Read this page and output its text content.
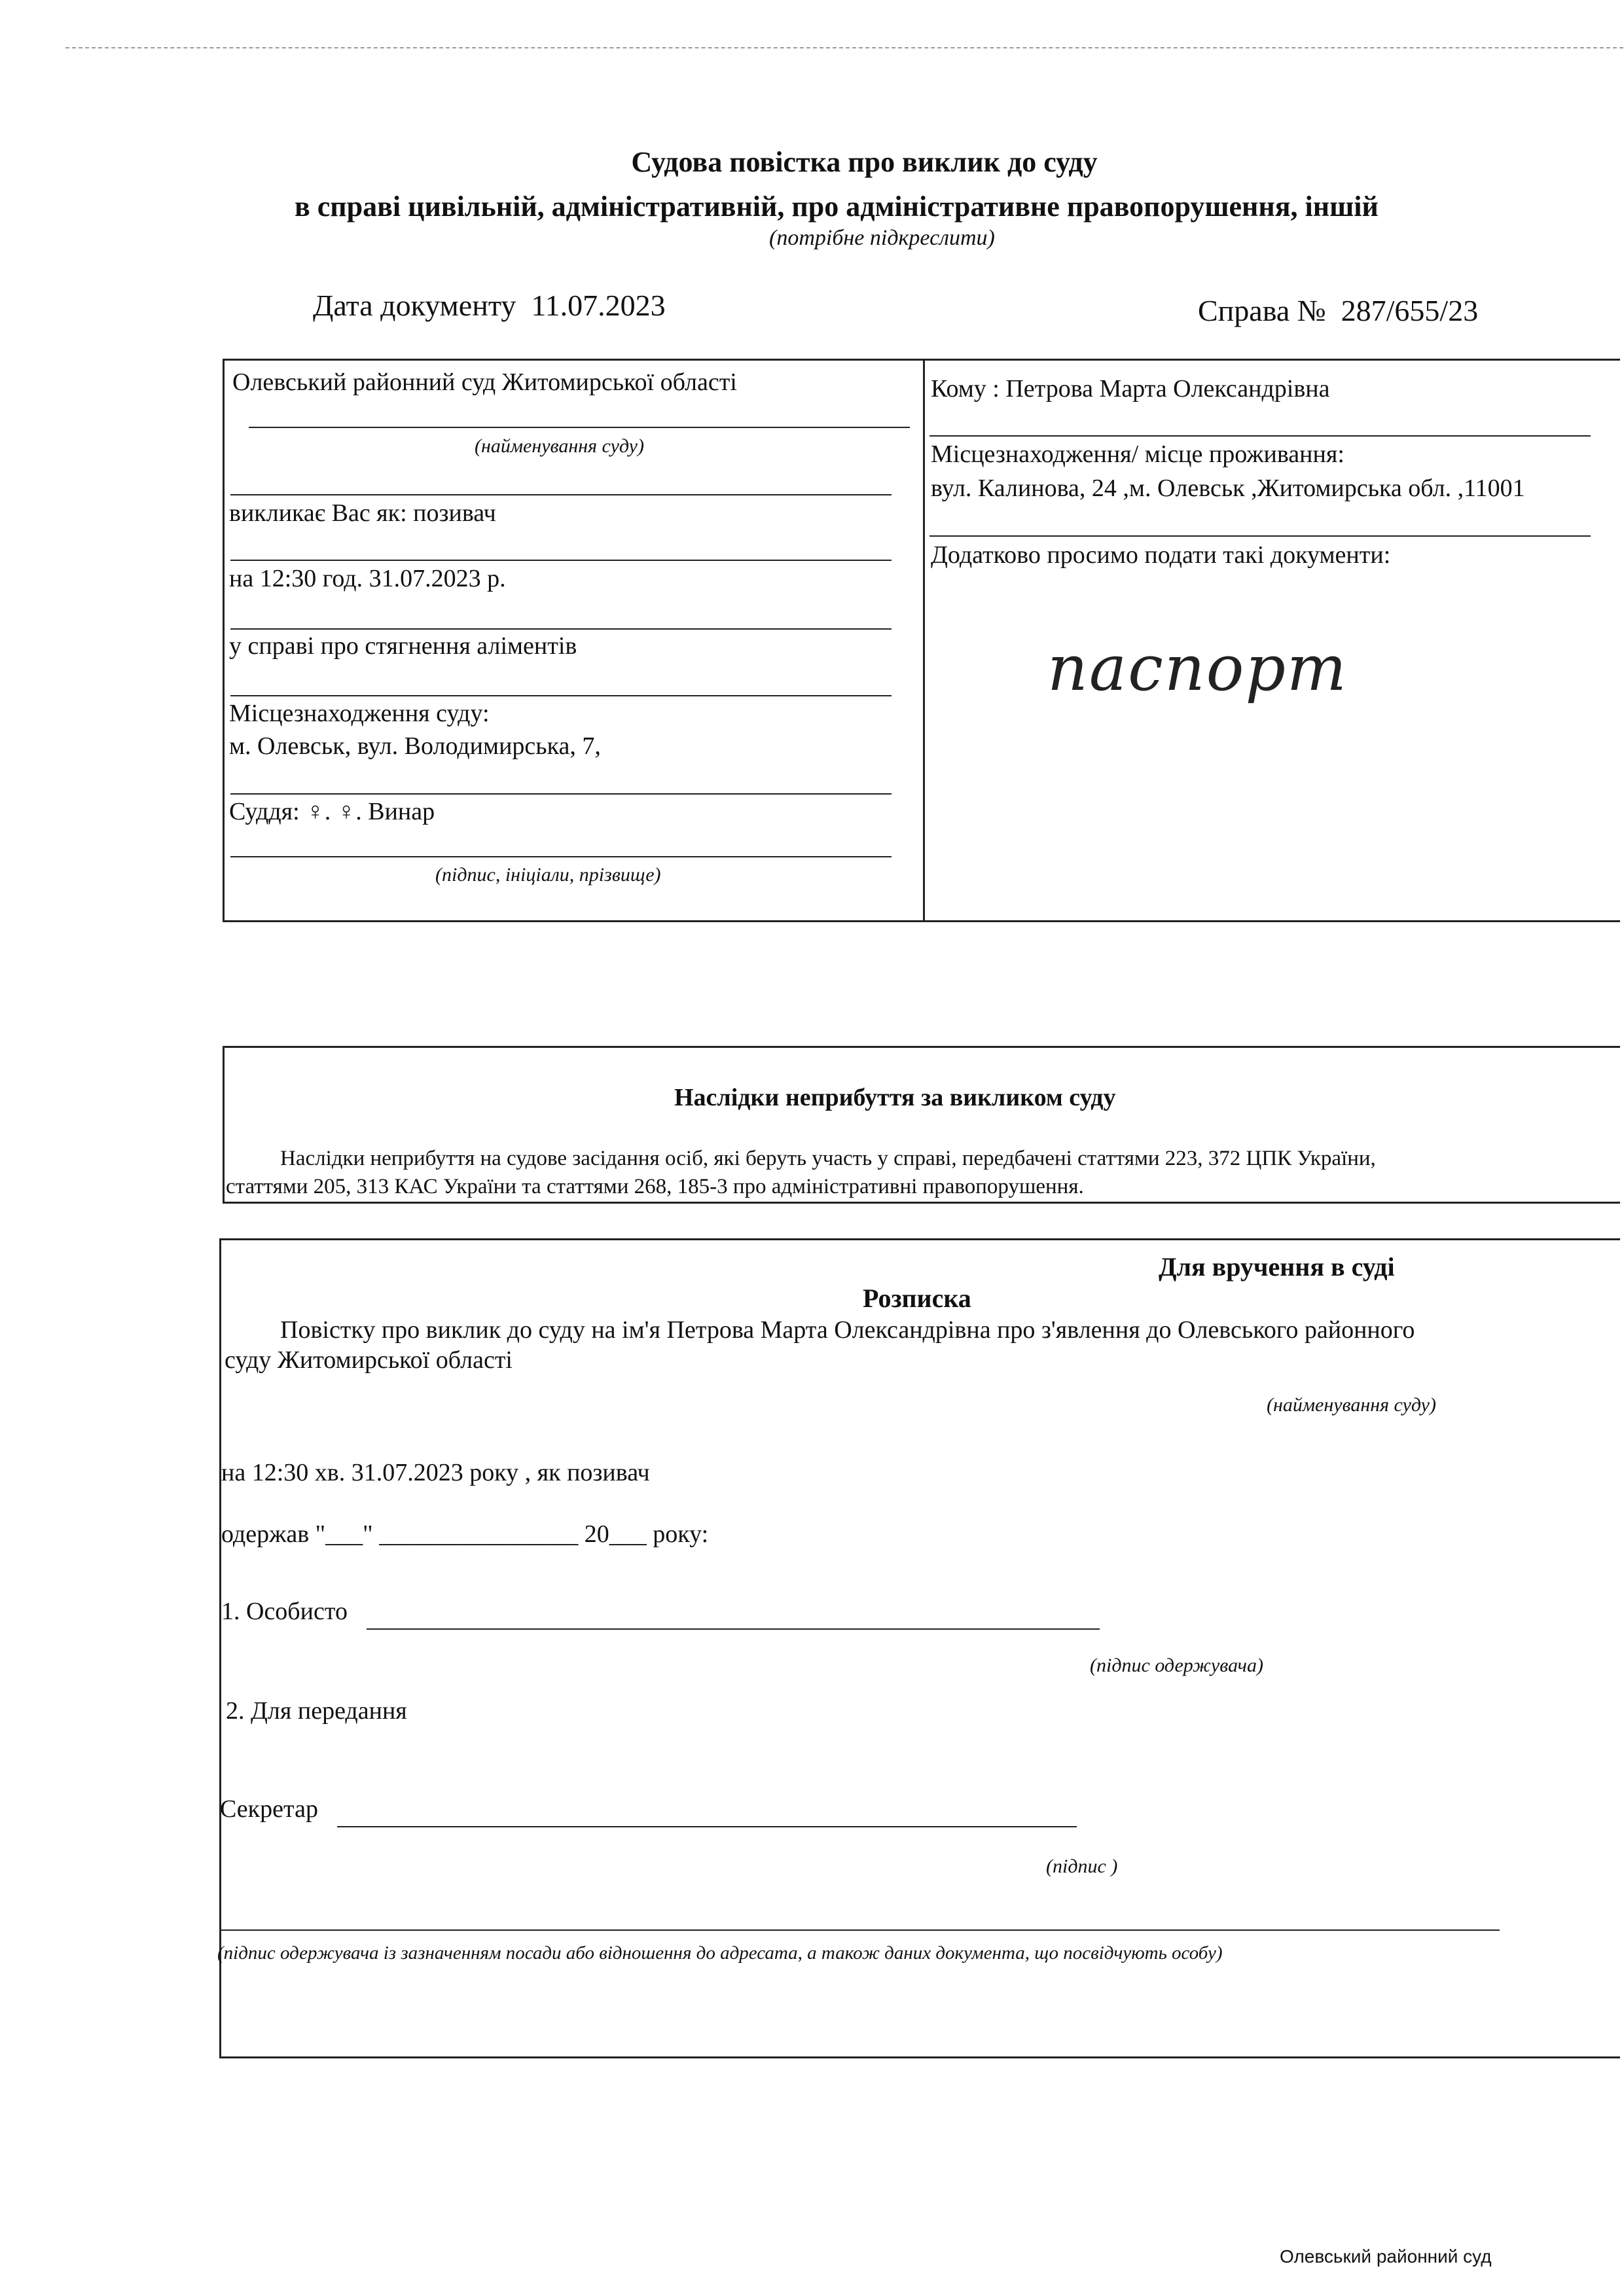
Судова повістка про виклик до суду
в справі цивільній, адміністративній, про адміністративне правопорушення, іншій
(потрібне підкреслити)
Дата документу 11.07.2023	Справа № 287/655/23
Олевський районний суд Житомирської області
(найменування суду)
викликає Вас як: позивач
на 12:30 год. 31.07.2023 р.
у справі про стягнення аліментів
Місцезнаходження суду:
м. Олевськ, вул. Володимирська, 7,
Суддя: ♀. ♀. Винар
(підпис, ініціали, прізвище)
Кому : Петрова Марта Олександрівна
Місцезнаходження/ місце проживання:
вул. Калинова, 24 ,м. Олевськ ,Житомирська обл. ,11001
Додатково просимо подати такі документи:
паспорт
Наслідки неприбуття за викликом суду
Наслідки неприбуття на судове засідання осіб, які беруть участь у справі, передбачені статтями 223, 372 ЦПК України,
статтями 205, 313 КАС України та статтями 268, 185-3 про адміністративні правопорушення.
Для вручення в суді
Розписка
Повістку про виклик до суду на ім'я Петрова Марта Олександрівна про з'явлення до Олевського районного
суду Житомирської області
(найменування суду)
на 12:30 хв. 31.07.2023 року , як позивач
одержав "___" ________________ 20___ року:
1. Особисто
(підпис одержувача)
2. Для передання
Секретар
(підпис )
(підпис одержувача із зазначенням посади або відношення до адресата, а також даних документа, що посвідчують особу)
Олевський районний суд
